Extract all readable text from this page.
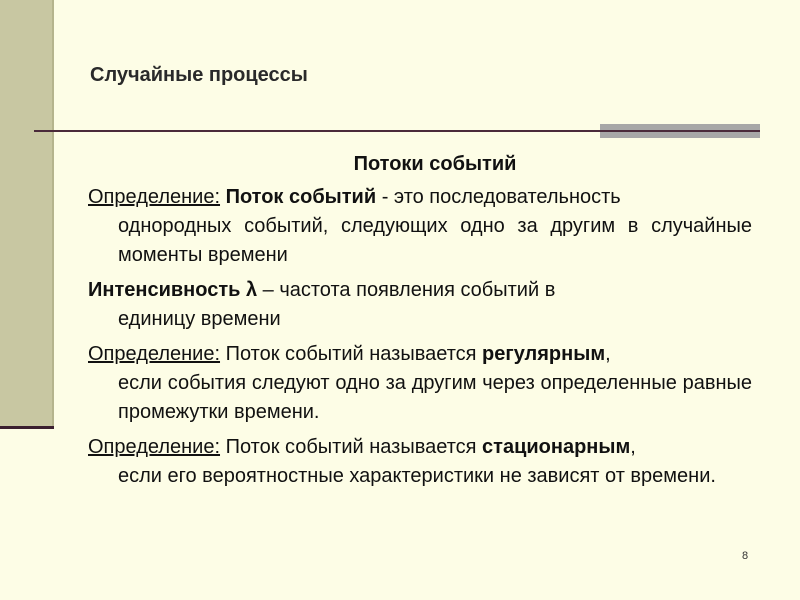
Случайные процессы
Потоки событий
Определение: Поток событий - это последовательность
однородных событий, следующих одно за другим в случайные моменты времени
Интенсивность λ – частота появления событий в
единицу времени
Определение: Поток событий называется регулярным,
если события следуют одно за другим через определенные равные промежутки времени.
Определение: Поток событий называется стационарным,
если его вероятностные характеристики не зависят от времени.
8
